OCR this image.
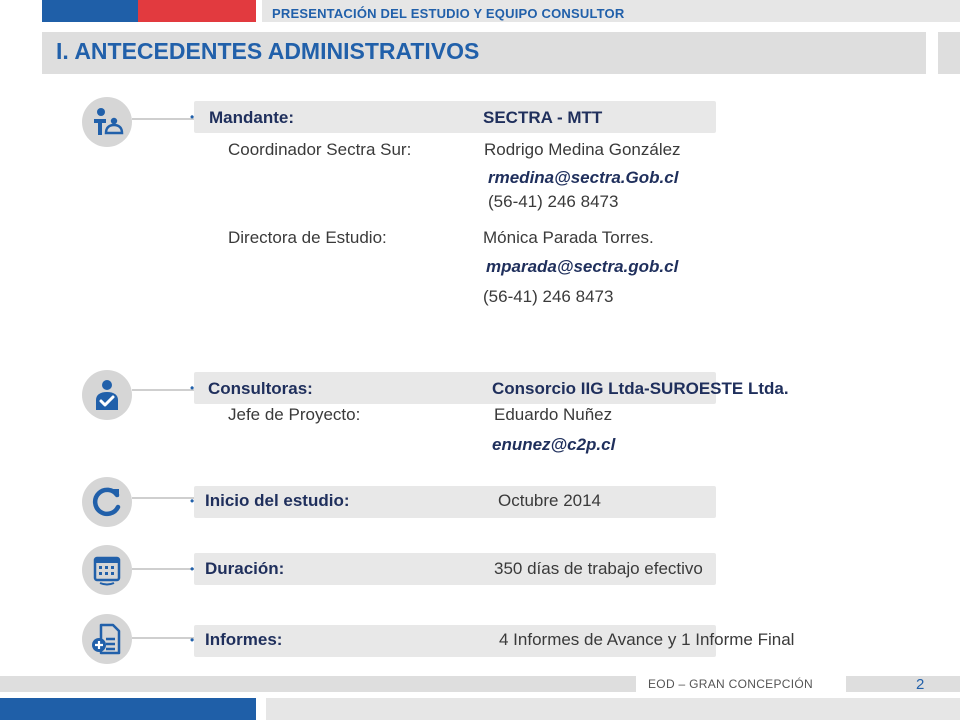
PRESENTACIÓN DEL ESTUDIO Y EQUIPO CONSULTOR
I. ANTECEDENTES ADMINISTRATIVOS
• Mandante:	SECTRA - MTT
Coordinador Sectra Sur:	Rodrigo Medina González
rmedina@sectra.Gob.cl
(56-41) 246 8473
Directora de Estudio:	Mónica Parada Torres.
mparada@sectra.gob.cl
(56-41) 246 8473
• Consultoras:	Consorcio IIG Ltda-SUROESTE Ltda.
Jefe de Proyecto:	Eduardo Nuñez
enunez@c2p.cl
• Inicio del estudio:	Octubre 2014
• Duración:	350 días de trabajo efectivo
• Informes:	4 Informes de Avance y 1 Informe Final
EOD – GRAN CONCEPCIÓN	2
